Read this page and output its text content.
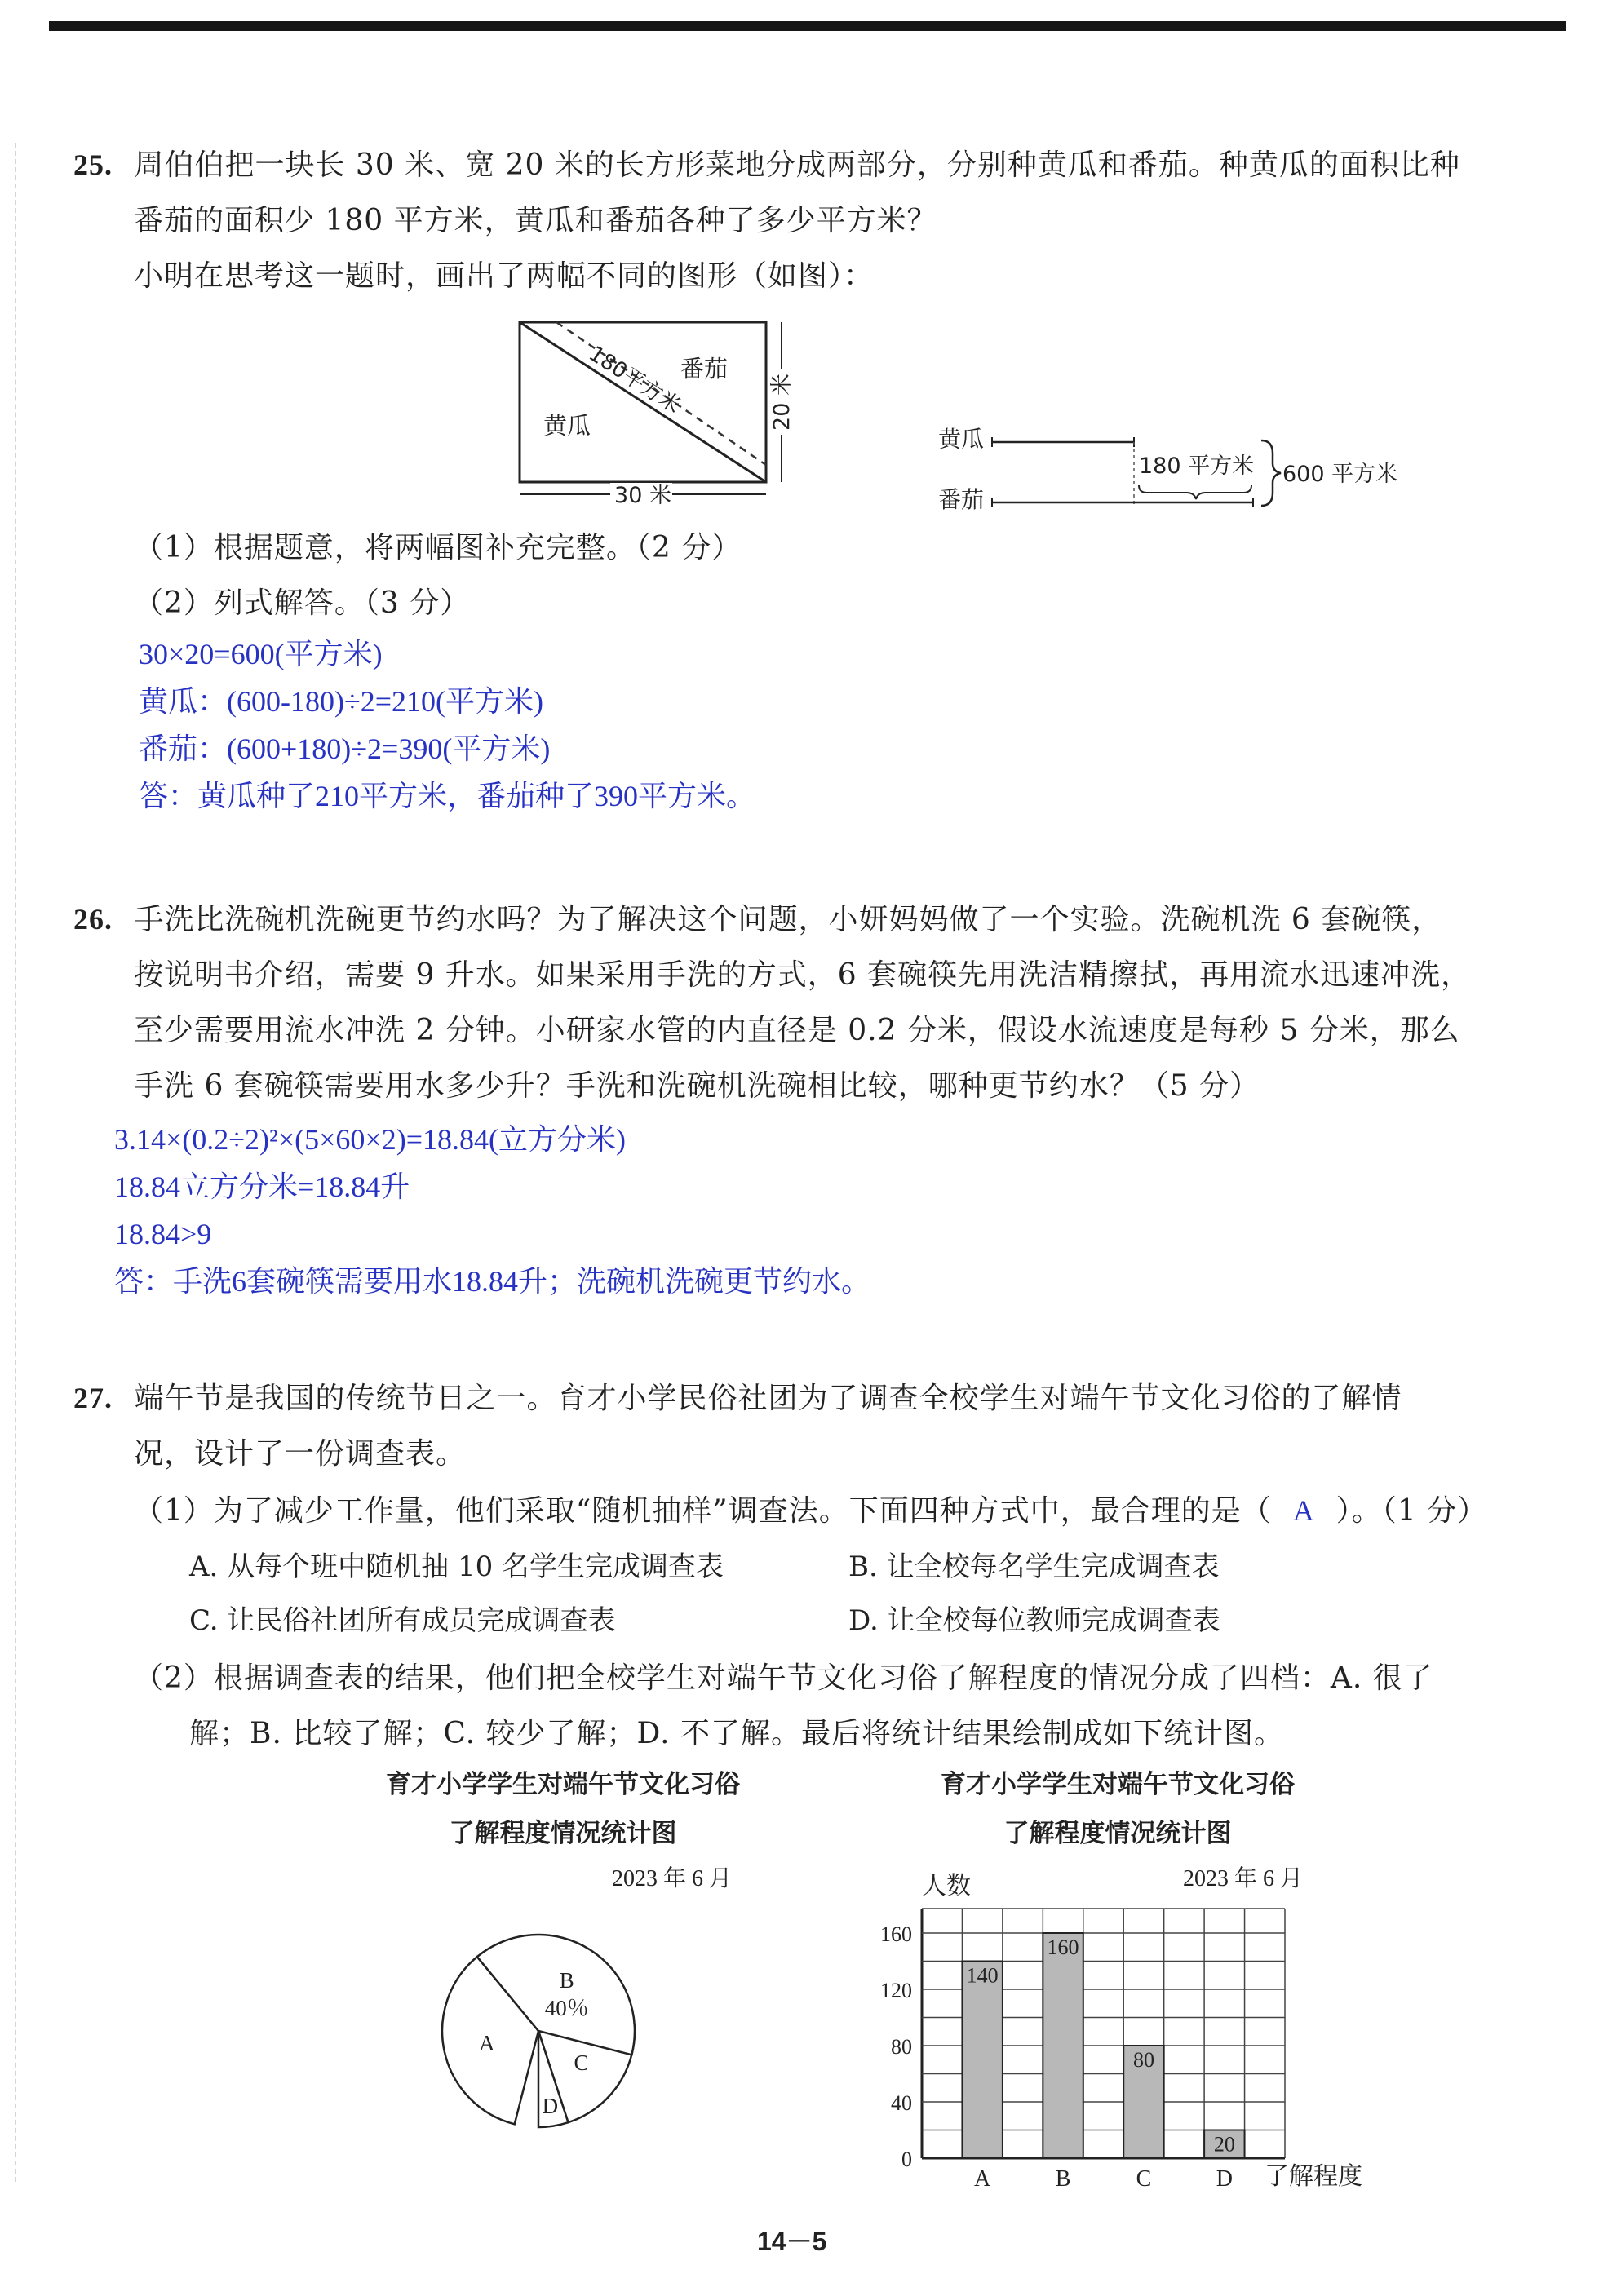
25. 周伯伯把一块长 30 米、宽 20 米的长方形菜地分成两部分，分别种黄瓜和番茄。种黄瓜的面积比种
番茄的面积少 180 平方米，黄瓜和番茄各种了多少平方米？
小明在思考这一题时，画出了两幅不同的图形（如图）：
番茄
黄瓜
180平方米
30 米
20 米
黄瓜
番茄
180 平方米 600 平方米
（1）根据题意，将两幅图补充完整。（2 分）
（2）列式解答。（3 分）
30×20=600(平方米)
黄瓜：(600-180)÷2=210(平方米)
番茄：(600+180)÷2=390(平方米)
答：黄瓜种了210平方米，番茄种了390平方米。
26. 手洗比洗碗机洗碗更节约水吗？为了解决这个问题，小妍妈妈做了一个实验。洗碗机洗 6 套碗筷，
按说明书介绍，需要 9 升水。如果采用手洗的方式，6 套碗筷先用洗洁精擦拭，再用流水迅速冲洗，
至少需要用流水冲洗 2 分钟。小研家水管的内直径是 0.2 分米，假设水流速度是每秒 5 分米，那么
手洗 6 套碗筷需要用水多少升？手洗和洗碗机洗碗相比较，哪种更节约水？（5 分）
3.14×(0.2÷2)²×(5×60×2)=18.84(立方分米)
18.84立方分米=18.84升
18.84>9
答：手洗6套碗筷需要用水18.84升；洗碗机洗碗更节约水。
27. 端午节是我国的传统节日之一。育才小学民俗社团为了调查全校学生对端午节文化习俗的了解情
况，设计了一份调查表。
（1）为了减少工作量，他们采取“随机抽样”调查法。下面四种方式中，最合理的是（ A ）。（1 分）
A. 从每个班中随机抽 10 名学生完成调查表	B. 让全校每名学生完成调查表
C. 让民俗社团所有成员完成调查表	D. 让全校每位教师完成调查表
（2）根据调查表的结果，他们把全校学生对端午节文化习俗了解程度的情况分成了四档：A. 很了
解；B. 比较了解；C. 较少了解；D. 不了解。最后将统计结果绘制成如下统计图。
育才小学学生对端午节文化习俗
了解程度情况统计图
2023 年 6 月
C
D
A
B
40％
育才小学学生对端午节文化习俗
了解程度情况统计图
2023 年 6 月
人数
140
160
80
20
0
40
80
120
160
A	B	C	D 了解程度
14－5
